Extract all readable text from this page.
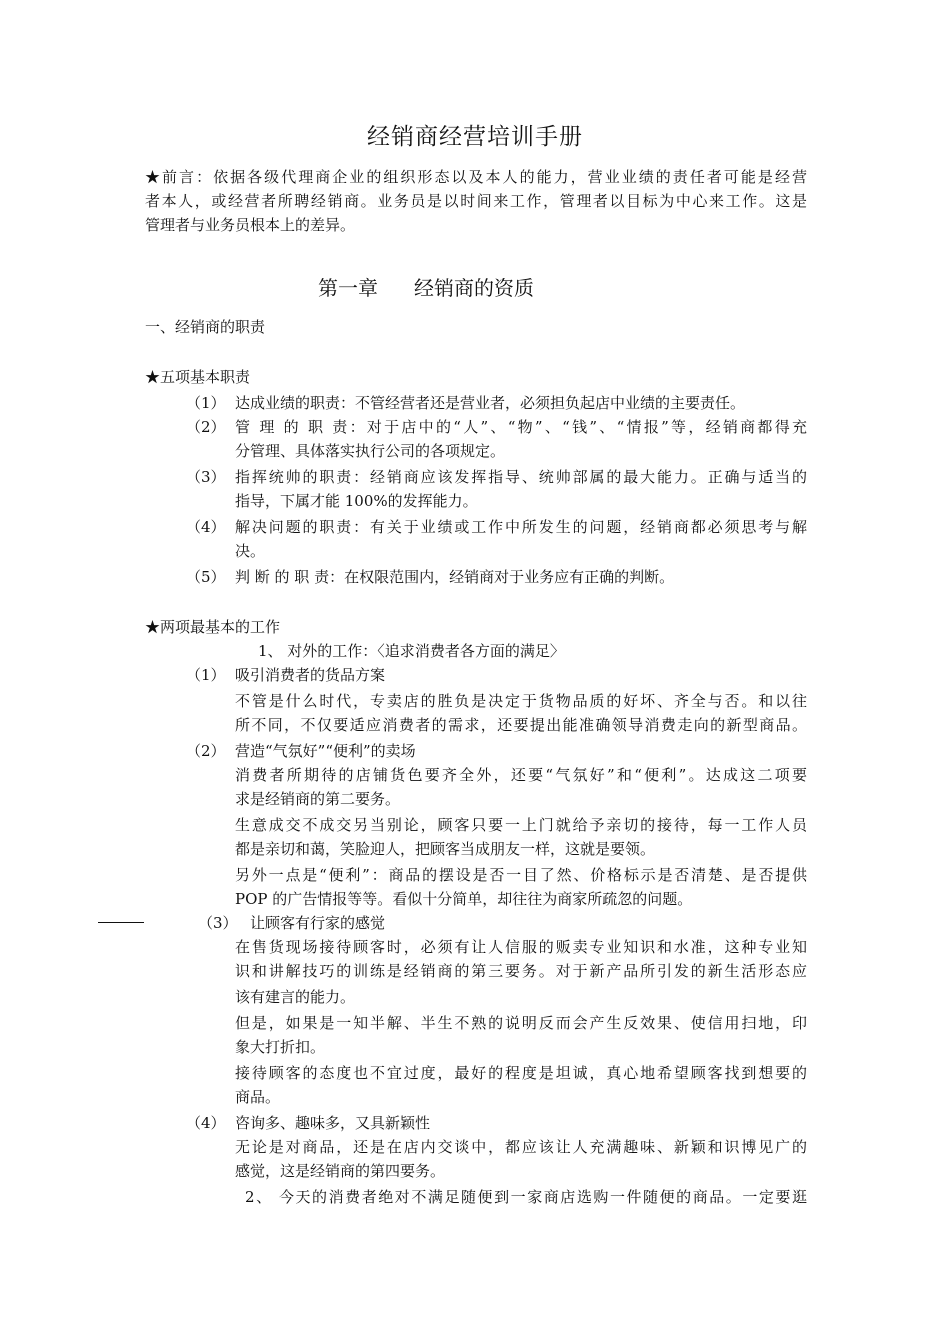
经销商经营培训手册
★前言：依据各级代理商企业的组织形态以及本人的能力，营业业绩的责任者可能是经营
者本人，或经营者所聘经销商。业务员是以时间来工作，管理者以目标为中心来工作。这是
管理者与业务员根本上的差异。
第一章 经销商的资质
一、经销商的职责
★五项基本职责
（1） 达成业绩的职责：不管经营者还是营业者，必须担负起店中业绩的主要责任。
（2） 管 理 的 职 责：对于店中的“人”、“物”、“钱”、“情报”等，经销商都得充
分管理、具体落实执行公司的各项规定。
（3） 指挥统帅的职责：经销商应该发挥指导、统帅部属的最大能力。正确与适当的
指导，下属才能 100%的发挥能力。
（4） 解决问题的职责：有关于业绩或工作中所发生的问题，经销商都必须思考与解
决。
（5） 判 断 的 职 责：在权限范围内，经销商对于业务应有正确的判断。
★两项最基本的工作
1、 对外的工作：〈追求消费者各方面的满足〉
（1） 吸引消费者的货品方案
不管是什么时代，专卖店的胜负是决定于货物品质的好坏、齐全与否。和以往
所不同，不仅要适应消费者的需求，还要提出能准确领导消费走向的新型商品。
（2） 营造“气氛好”“便利”的卖场
消费者所期待的店铺货色要齐全外，还要“气氛好”和“便利”。达成这二项要
求是经销商的第二要务。
生意成交不成交另当别论，顾客只要一上门就给予亲切的接待，每一工作人员
都是亲切和蔼，笑脸迎人，把顾客当成朋友一样，这就是要领。
另外一点是“便利”：商品的摆设是否一目了然、价格标示是否清楚、是否提供
POP 的广告情报等等。看似十分简单，却往往为商家所疏忽的问题。
（3） 让顾客有行家的感觉
在售货现场接待顾客时，必须有让人信服的贩卖专业知识和水准，这种专业知
识和讲解技巧的训练是经销商的第三要务。对于新产品所引发的新生活形态应
该有建言的能力。
但是，如果是一知半解、半生不熟的说明反而会产生反效果、使信用扫地，印
象大打折扣。
接待顾客的态度也不宜过度，最好的程度是坦诚，真心地希望顾客找到想要的
商品。
（4） 咨询多、趣味多，又具新颖性
无论是对商品，还是在店内交谈中，都应该让人充满趣味、新颖和识博见广的
感觉，这是经销商的第四要务。
2、 今天的消费者绝对不满足随便到一家商店选购一件随便的商品。一定要逛
